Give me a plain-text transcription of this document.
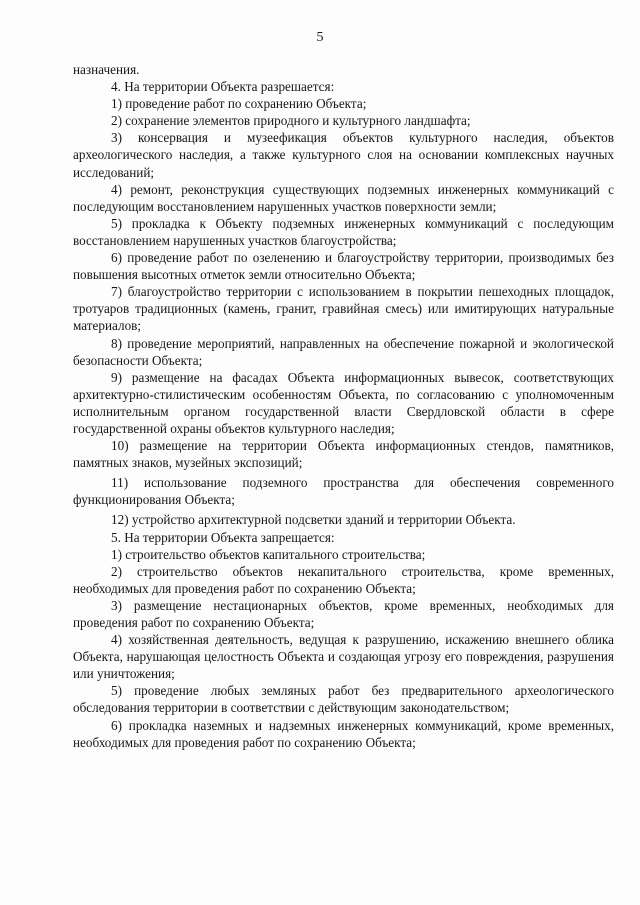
5

назначения.

4. На территории Объекта разрешается:

1) проведение работ по сохранению Объекта;

2) сохранение элементов природного и культурного ландшафта;

3) консервация и музеефикация объектов культурного наследия, объектов археологического наследия, а также культурного слоя на основании комплексных научных исследований;

4) ремонт, реконструкция существующих подземных инженерных коммуникаций с последующим восстановлением нарушенных участков поверхности земли;

5) прокладка к Объекту подземных инженерных коммуникаций с последующим восстановлением нарушенных участков благоустройства;

6) проведение работ по озеленению и благоустройству территории, производимых без повышения высотных отметок земли относительно Объекта;

7) благоустройство территории с использованием в покрытии пешеходных площадок, тротуаров традиционных (камень, гранит, гравийная смесь) или имитирующих натуральные материалов;

8) проведение мероприятий, направленных на обеспечение пожарной и экологической безопасности Объекта;

9) размещение на фасадах Объекта информационных вывесок, соответствующих архитектурно-стилистическим особенностям Объекта, по согласованию с уполномоченным исполнительным органом государственной власти Свердловской области в сфере государственной охраны объектов культурного наследия;

10) размещение на территории Объекта информационных стендов, памятников, памятных знаков, музейных экспозиций;

11) использование подземного пространства для обеспечения современного функционирования Объекта;

12) устройство архитектурной подсветки зданий и территории Объекта.

5. На территории Объекта запрещается:

1) строительство объектов капитального строительства;

2) строительство объектов некапитального строительства, кроме временных, необходимых для проведения работ по сохранению Объекта;

3) размещение нестационарных объектов, кроме временных, необходимых для проведения работ по сохранению Объекта;

4) хозяйственная деятельность, ведущая к разрушению, искажению внешнего облика Объекта, нарушающая целостность Объекта и создающая угрозу его повреждения, разрушения или уничтожения;

5) проведение любых земляных работ без предварительного археологического обследования территории в соответствии с действующим законодательством;

6) прокладка наземных и надземных инженерных коммуникаций, кроме временных, необходимых для проведения работ по сохранению Объекта;
